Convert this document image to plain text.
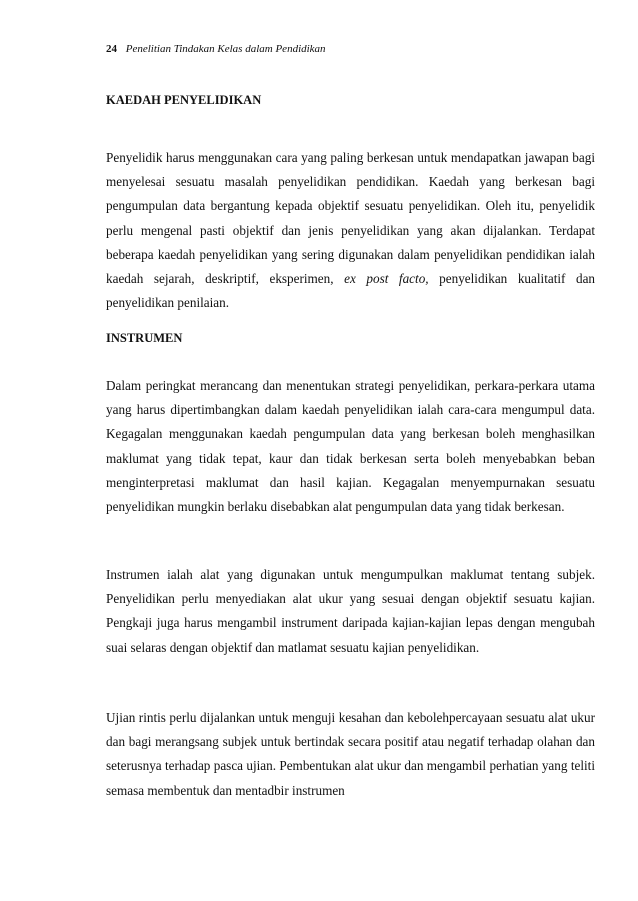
24 Penelitian Tindakan Kelas dalam Pendidikan
KAEDAH PENYELIDIKAN

Penyelidik harus menggunakan cara yang paling berkesan untuk mendapatkan jawapan bagi menyelesai sesuatu masalah penyelidikan pendidikan. Kaedah yang berkesan bagi pengumpulan data bergantung kepada objektif sesuatu penyelidikan. Oleh itu, penyelidik perlu mengenal pasti objektif dan jenis penyelidikan yang akan dijalankan. Terdapat beberapa kaedah penyelidikan yang sering digunakan dalam penyelidikan pendidikan ialah kaedah sejarah, deskriptif, eksperimen, ex post facto, penyelidikan kualitatif dan penyelidikan penilaian.

INSTRUMEN

Dalam peringkat merancang dan menentukan strategi penyelidikan, perkara-perkara utama yang harus dipertimbangkan dalam kaedah penyelidikan ialah cara-cara mengumpul data. Kegagalan menggunakan kaedah pengumpulan data yang berkesan boleh menghasilkan maklumat yang tidak tepat, kaur dan tidak berkesan serta boleh menyebabkan beban menginterpretasi maklumat dan hasil kajian. Kegagalan menyempurnakan sesuatu penyelidikan mungkin berlaku disebabkan alat pengumpulan data yang tidak berkesan.

Instrumen ialah alat yang digunakan untuk mengumpulkan maklumat tentang subjek. Penyelidikan perlu menyediakan alat ukur yang sesuai dengan objektif sesuatu kajian. Pengkaji juga harus mengambil instrument daripada kajian-kajian lepas dengan mengubah suai selaras dengan objektif dan matlamat sesuatu kajian penyelidikan.

Ujian rintis perlu dijalankan untuk menguji kesahan dan kebolehpercayaan sesuatu alat ukur dan bagi merangsang subjek untuk bertindak secara positif atau negatif terhadap olahan dan seterusnya terhadap pasca ujian. Pembentukan alat ukur dan mengambil perhatian yang teliti semasa membentuk dan mentadbir instrumen
